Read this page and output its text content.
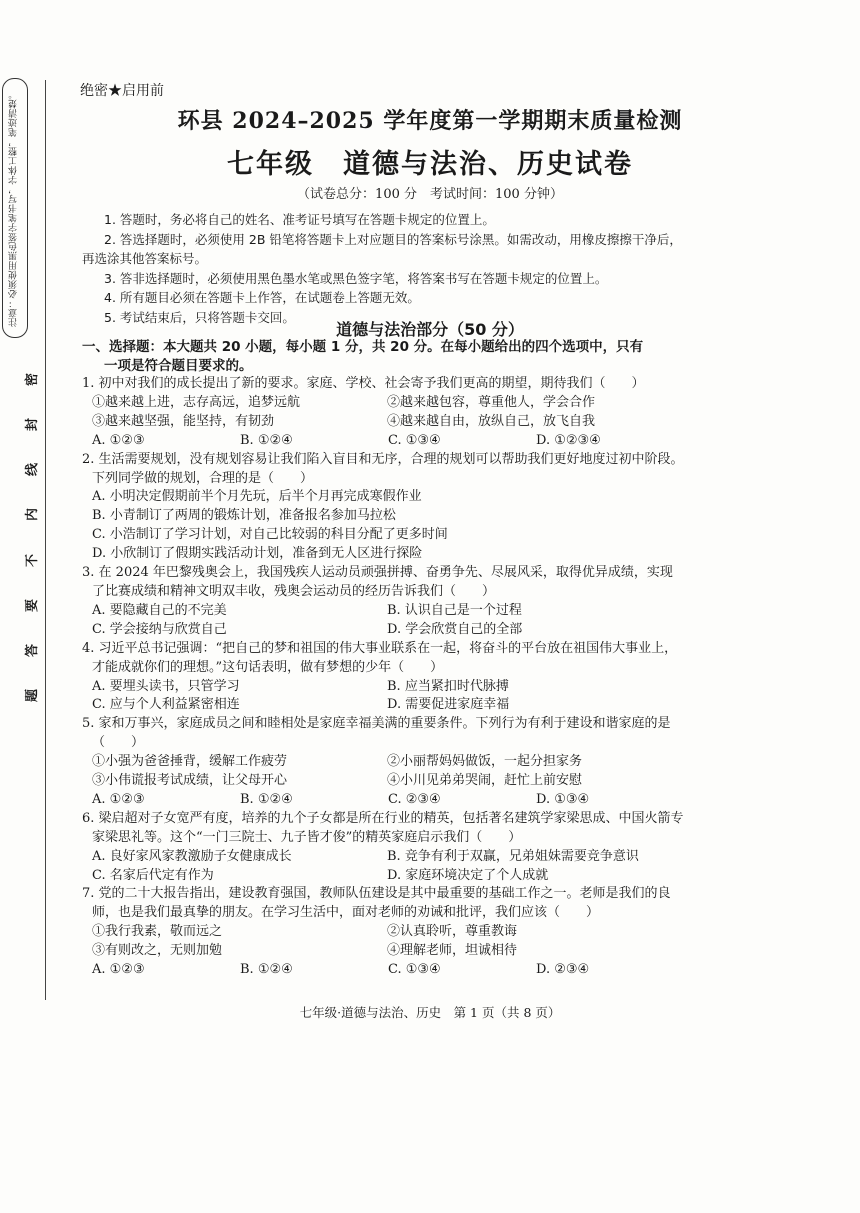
注意：必须使用黑色签字笔书写，字体工整，笔迹清楚。
密
封
线
内
不
要
答
题
绝密★启用前
环县 2024–2025 学年度第一学期期末质量检测
七年级　道德与法治、历史试卷
（试卷总分：100 分　考试时间：100 分钟）
1. 答题时，务必将自己的姓名、准考证号填写在答题卡规定的位置上。
2. 答选择题时，必须使用 2B 铅笔将答题卡上对应题目的答案标号涂黑。如需改动，用橡皮擦擦干净后，再选涂其他答案标号。
3. 答非选择题时，必须使用黑色墨水笔或黑色签字笔，将答案书写在答题卡规定的位置上。
4. 所有题目必须在答题卡上作答，在试题卷上答题无效。
5. 考试结束后，只将答题卡交回。
道德与法治部分（50 分）
一、选择题：本大题共 20 小题，每小题 1 分，共 20 分。在每小题给出的四个选项中，只有
一项是符合题目要求的。
1. 初中对我们的成长提出了新的要求。家庭、学校、社会寄予我们更高的期望，期待我们（　　）
①越来越上进，志存高远，追梦远航	②越来越包容，尊重他人，学会合作
③越来越坚强，能坚持，有韧劲	④越来越自由，放纵自己，放飞自我
A. ①②③	B. ①②④	C. ①③④	D. ①②③④
2. 生活需要规划，没有规划容易让我们陷入盲目和无序，合理的规划可以帮助我们更好地度过初中阶段。下列同学做的规划，合理的是（　　）
A. 小明决定假期前半个月先玩，后半个月再完成寒假作业
B. 小青制订了两周的锻炼计划，准备报名参加马拉松
C. 小浩制订了学习计划，对自己比较弱的科目分配了更多时间
D. 小欣制订了假期实践活动计划，准备到无人区进行探险
3. 在 2024 年巴黎残奥会上，我国残疾人运动员顽强拼搏、奋勇争先、尽展风采，取得优异成绩，实现了比赛成绩和精神文明双丰收，残奥会运动员的经历告诉我们（　　）
A. 要隐藏自己的不完美	B. 认识自己是一个过程
C. 学会接纳与欣赏自己	D. 学会欣赏自己的全部
4. 习近平总书记强调：“把自己的梦和祖国的伟大事业联系在一起，将奋斗的平台放在祖国伟大事业上，才能成就你们的理想。”这句话表明，做有梦想的少年（　　）
A. 要埋头读书，只管学习	B. 应当紧扣时代脉搏
C. 应与个人利益紧密相连	D. 需要促进家庭幸福
5. 家和万事兴，家庭成员之间和睦相处是家庭幸福美满的重要条件。下列行为有利于建设和谐家庭的是（　　）
①小强为爸爸捶背，缓解工作疲劳	②小丽帮妈妈做饭，一起分担家务
③小伟谎报考试成绩，让父母开心	④小川见弟弟哭闹，赶忙上前安慰
A. ①②③	B. ①②④	C. ②③④	D. ①③④
6. 梁启超对子女宽严有度，培养的九个子女都是所在行业的精英，包括著名建筑学家梁思成、中国火箭专家梁思礼等。这个“一门三院士、九子皆才俊”的精英家庭启示我们（　　）
A. 良好家风家教激励子女健康成长	B. 竞争有利于双赢，兄弟姐妹需要竞争意识
C. 名家后代定有作为	D. 家庭环境决定了个人成就
7. 党的二十大报告指出，建设教育强国，教师队伍建设是其中最重要的基础工作之一。老师是我们的良师，也是我们最真挚的朋友。在学习生活中，面对老师的劝诫和批评，我们应该（　　）
①我行我素，敬而远之	②认真聆听，尊重教诲
③有则改之，无则加勉	④理解老师，坦诚相待
A. ①②③	B. ①②④	C. ①③④	D. ②③④
七年级·道德与法治、历史　第 1 页（共 8 页）
